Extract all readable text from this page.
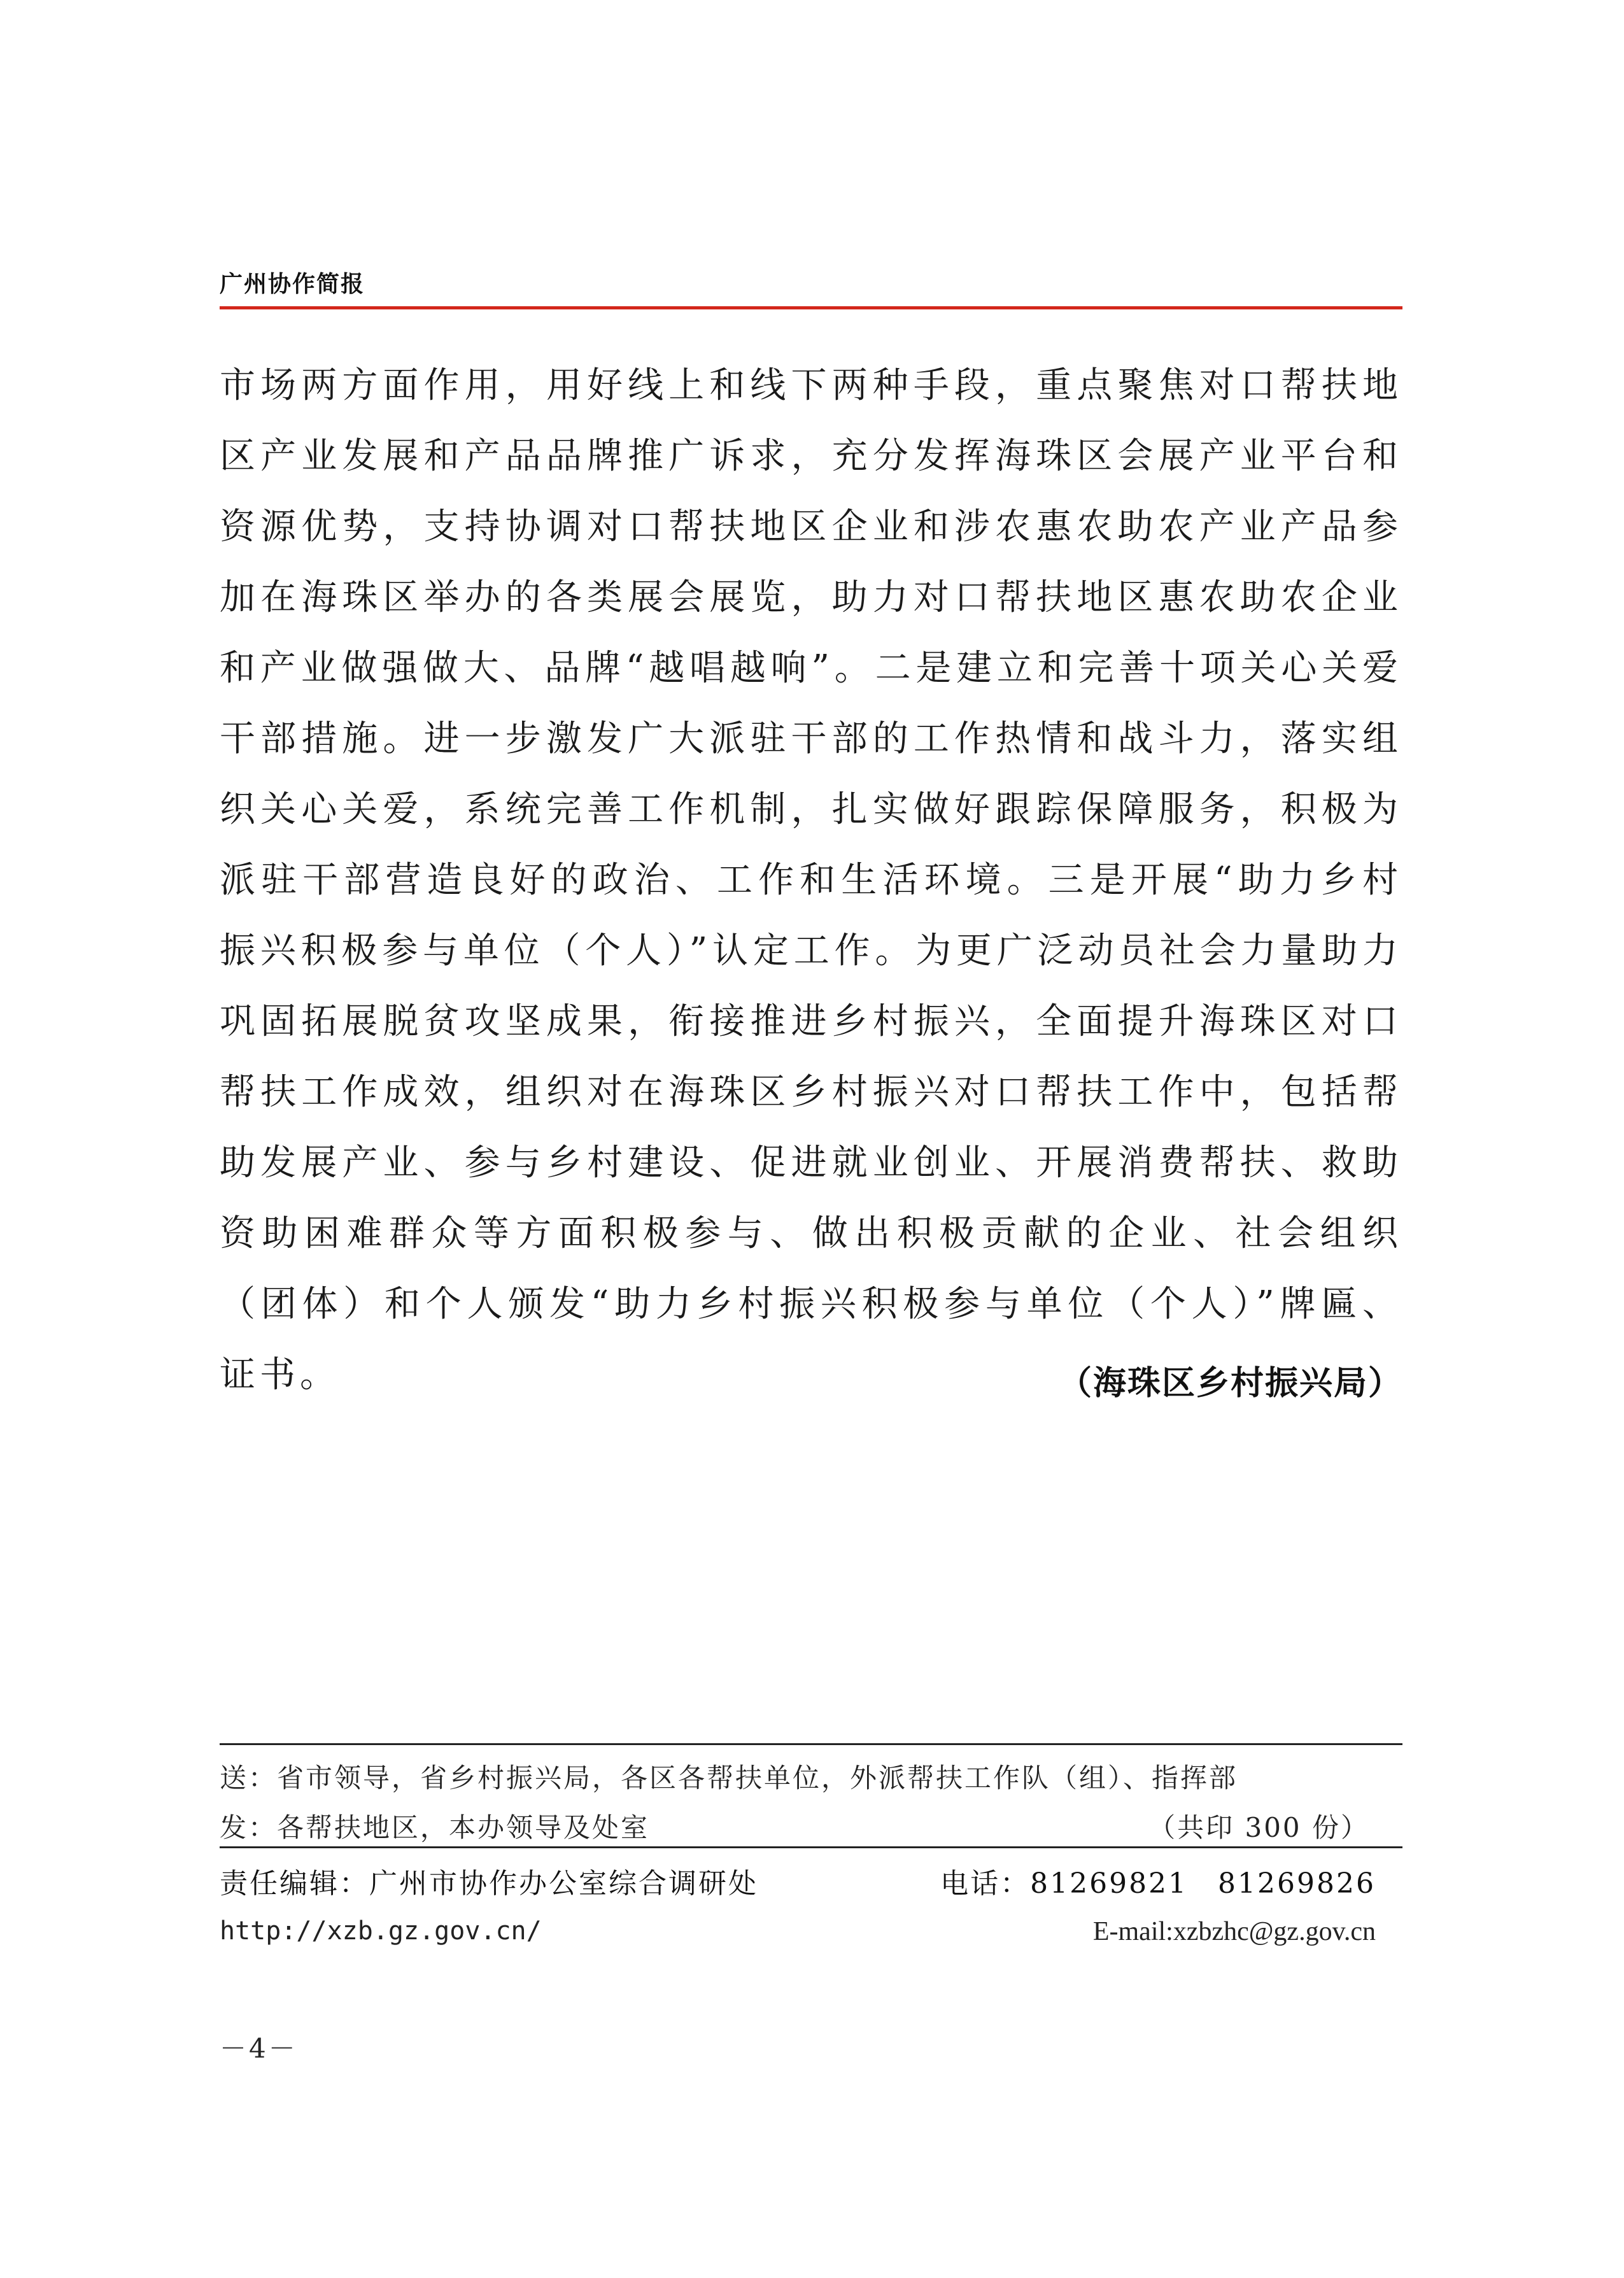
广州协作简报

市场两方面作用，用好线上和线下两种手段，重点聚焦对口帮扶地区产业发展和产品品牌推广诉求，充分发挥海珠区会展产业平台和资源优势，支持协调对口帮扶地区企业和涉农惠农助农产业产品参加在海珠区举办的各类展会展览，助力对口帮扶地区惠农助农企业和产业做强做大、品牌“越唱越响”。二是建立和完善十项关心关爱干部措施。进一步激发广大派驻干部的工作热情和战斗力，落实组织关心关爱，系统完善工作机制，扎实做好跟踪保障服务，积极为派驻干部营造良好的政治、工作和生活环境。三是开展“助力乡村振兴积极参与单位（个人）”认定工作。为更广泛动员社会力量助力巩固拓展脱贫攻坚成果，衔接推进乡村振兴，全面提升海珠区对口帮扶工作成效，组织对在海珠区乡村振兴对口帮扶工作中，包括帮助发展产业、参与乡村建设、促进就业创业、开展消费帮扶、救助资助困难群众等方面积极参与、做出积极贡献的企业、社会组织（团体）和个人颁发“助力乡村振兴积极参与单位（个人）”牌匾、证书。	（海珠区乡村振兴局）
送：省市领导，省乡村振兴局，各区各帮扶单位，外派帮扶工作队（组）、指挥部
发：各帮扶地区，本办领导及处室	（共印 300 份）
责任编辑：广州市协作办公室综合调研处	电话：81269821　81269826
http://xzb.gz.gov.cn/	E-mail:xzbzhc@gz.gov.cn
－4－
